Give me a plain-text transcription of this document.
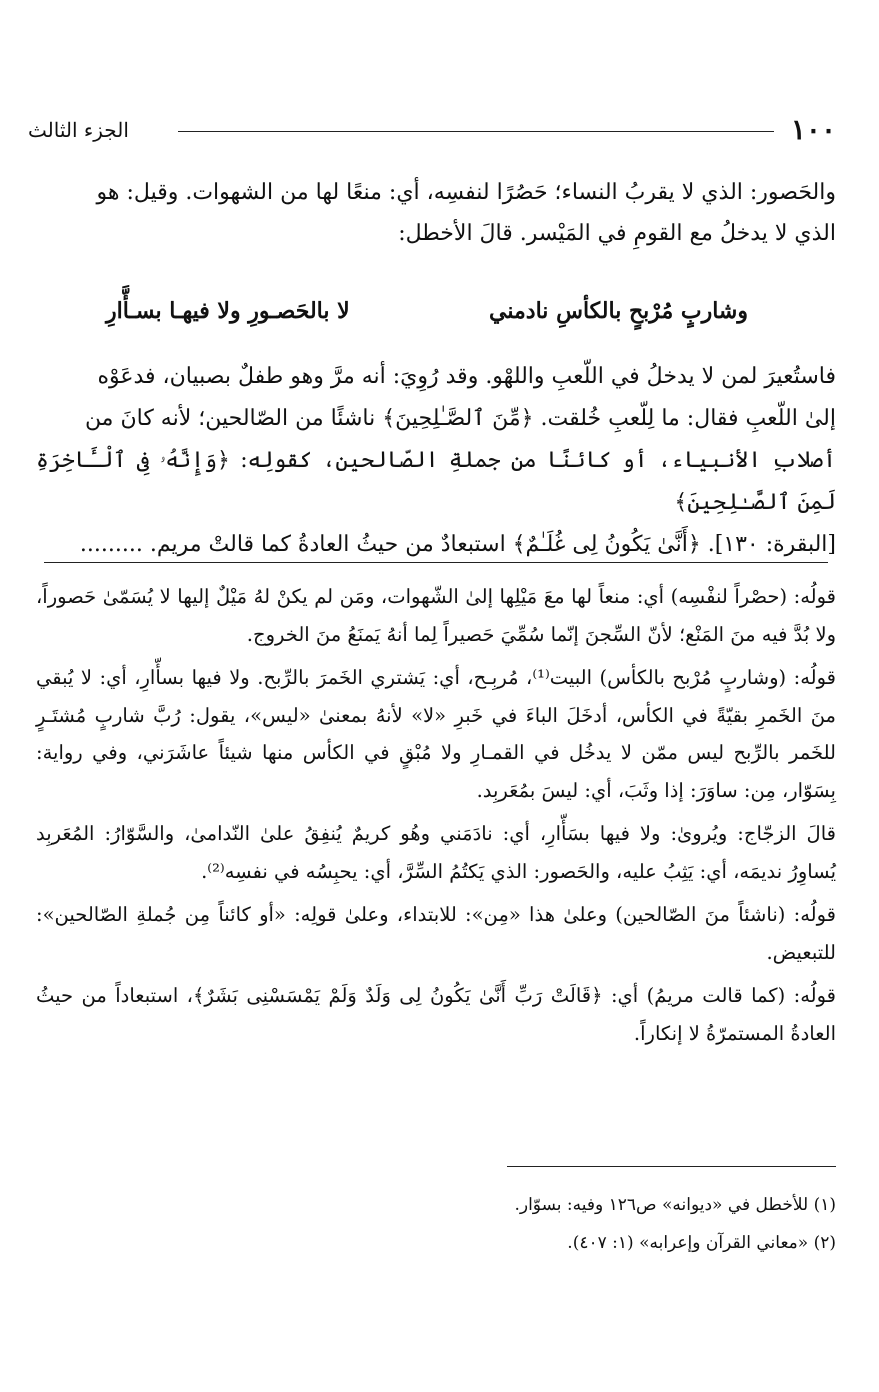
١٠٠
الجزء الثالث

والحَصور: الذي لا يقربُ النساء؛ حَصُرًا لنفسِه، أي: منعًا لها من الشهوات. وقيل: هو

الذي لا يدخلُ مع القومِ في المَيْسر. قالَ الأخطل:

وشاربٍ مُرْبحٍ بالكأسِ نادمني
لا بالحَصـورِ ولا فيهـا بسـأَّارِ

فاستُعيرَ لمن لا يدخلُ في اللّعبِ واللهْو. وقد رُوِيَ: أنه مرَّ وهو طفلٌ بصبيان، فدعَوْه

إلىٰ اللّعبِ فقال: ما لِلّعبِ خُلقت. ﴿مِّنَ ٱلصَّـٰلِحِينَ﴾ ناشئًا من الصّالحين؛ لأنه كانَ من

أصلابِ الأنبياء، أو كائنًا من جملةِ الصّالحين، كقولِه: ﴿وَإِنَّهُۥ فِى ٱلْـَٔاخِرَةِ لَمِنَ ٱلصَّـٰلِحِينَ﴾

[البقرة: ١٣٠]. ﴿أَنَّىٰ يَكُونُ لِى غُلَـٰمٌ﴾ استبعادٌ من حيثُ العادةُ كما قالتْ مريم. .........

قولُه: (حصْراً لنفْسِه) أي: منعاً لها معَ مَيْلِها إلىٰ الشّهوات، ومَن لم يكنْ لهُ مَيْلٌ إليها لا يُسَمّىٰ حَصوراً، ولا بُدَّ فيه منَ المَنْع؛ لأنّ السِّجنَ إنّما سُمِّيَ حَصيراً لِما أنهُ يَمنَعُ منَ الخروج.

قولُه: (وشاربٍ مُرْبح بالكأس) البيت⁽¹⁾، مُربِـح، أي: يَشتري الخَمرَ بالرِّبح. ولا فيها بسأّارِ، أي: لا يُبقي منَ الخَمرِ بقيّةً في الكأس، أدخَلَ الباءَ في خَبرِ «لا» لأنهُ بمعنىٰ «ليس»، يقول: رُبَّ شاربٍ مُشتَـرٍ للخَمر بالرِّبح ليس ممّن لا يدخُل في القمـارِ ولا مُبْقٍ في الكأس منها شيئاً عاشَرَني، وفي رواية: بِسَوّار، مِن: ساوَرَ: إذا وثَبَ، أي: ليسَ بمُعَربِد.

قالَ الزجّاج: ويُروىٰ: ولا فيها بسَأّارِ، أي: نادَمَني وهُو كريمٌ يُنفِقُ علىٰ النّدامىٰ، والسَّوّارُ: المُعَربِد يُساوِرُ نديمَه، أي: يَثِبُ عليه، والحَصور: الذي يَكتُمُ السِّرَّ، أي: يحبِسُه في نفسِه⁽²⁾.

قولُه: (ناشئاً منَ الصّالحين) وعلىٰ هذا «مِن»: للابتداء، وعلىٰ قولِه: «أو كائناً مِن جُملةِ الصّالحين»: للتبعيض.

قولُه: (كما قالت مريمُ) أي: ﴿قَالَتْ رَبِّ أَنَّىٰ يَكُونُ لِى وَلَدٌ وَلَمْ يَمْسَسْنِى بَشَرٌ﴾، استبعاداً من حيثُ العادةُ المستمرّةُ لا إنكاراً.

(١) للأخطل في «ديوانه» ص١٢٦ وفيه: بسوّار.

(٢) «معاني القرآن وإعرابه» (١: ٤٠٧).
